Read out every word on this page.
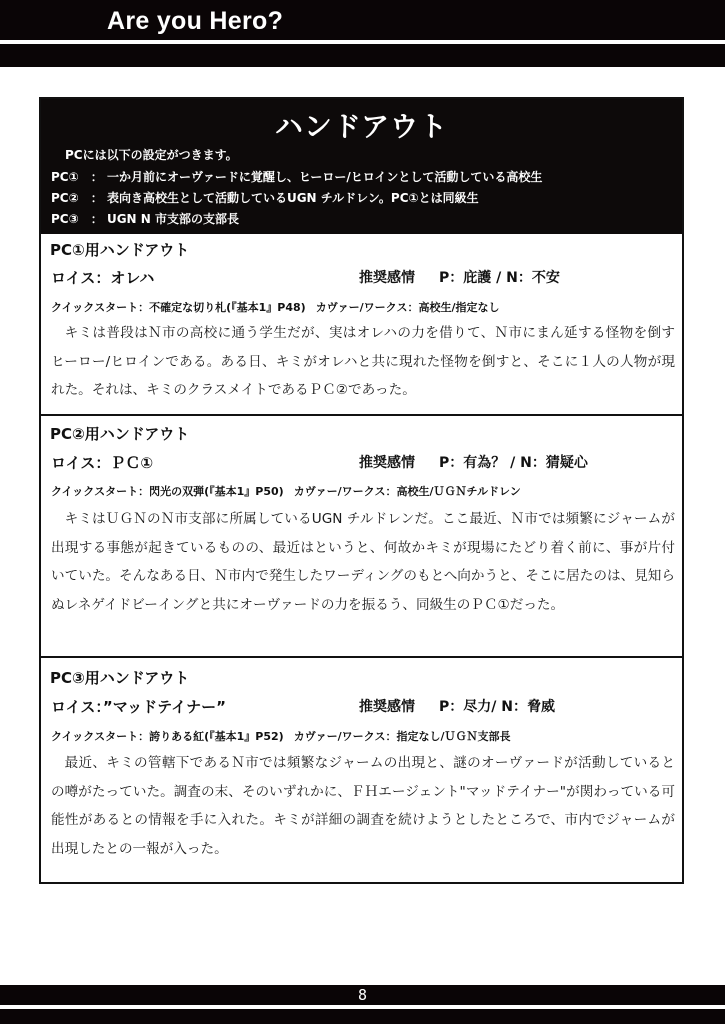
Are you Hero?
ハンドアウト
PCには以下の設定がつきます。
PC①　： 一か月前にオーヴァードに覚醒し、ヒーロー/ヒロインとして活動している高校生
PC②　： 表向き高校生として活動しているUGN チルドレン。PC①とは同級生
PC③　： UGN N 市支部の支部長
PC①用ハンドアウト
ロイス：オレハ	推奨感情 P：庇護 / N：不安
クイックスタート：不確定な切り札(『基本1』P48) カヴァー/ワークス：高校生/指定なし
キミは普段はＮ市の高校に通う学生だが、実はオレハの力を借りて、Ｎ市にまん延する怪物を倒すヒーロー/ヒロインである。ある日、キミがオレハと共に現れた怪物を倒すと、そこに１人の人物が現れた。それは、キミのクラスメイトであるＰＣ②であった。
PC②用ハンドアウト
ロイス：ＰＣ①	推奨感情 P：有為？ / N：猜疑心
クイックスタート：閃光の双弾(『基本1』P50) カヴァー/ワークス：高校生/ＵＧＮチルドレン
キミはＵＧＮのＮ市支部に所属しているUGN チルドレンだ。ここ最近、Ｎ市では頻繁にジャームが出現する事態が起きているものの、最近はというと、何故かキミが現場にたどり着く前に、事が片付いていた。そんなある日、Ｎ市内で発生したワーディングのもとへ向かうと、そこに居たのは、見知らぬレネゲイドビーイングと共にオーヴァードの力を振るう、同級生のＰＣ①だった。
PC③用ハンドアウト
ロイス：”マッドテイナー”	推奨感情 P：尽力/ N：脅威
クイックスタート：誇りある紅(『基本1』P52) カヴァー/ワークス：指定なし/ＵＧＮ支部長
最近、キミの管轄下であるＮ市では頻繁なジャームの出現と、謎のオーヴァードが活動しているとの噂がたっていた。調査の末、そのいずれかに、ＦＨエージェント"マッドテイナー"が関わっている可能性があるとの情報を手に入れた。キミが詳細の調査を続けようとしたところで、市内でジャームが出現したとの一報が入った。
8
